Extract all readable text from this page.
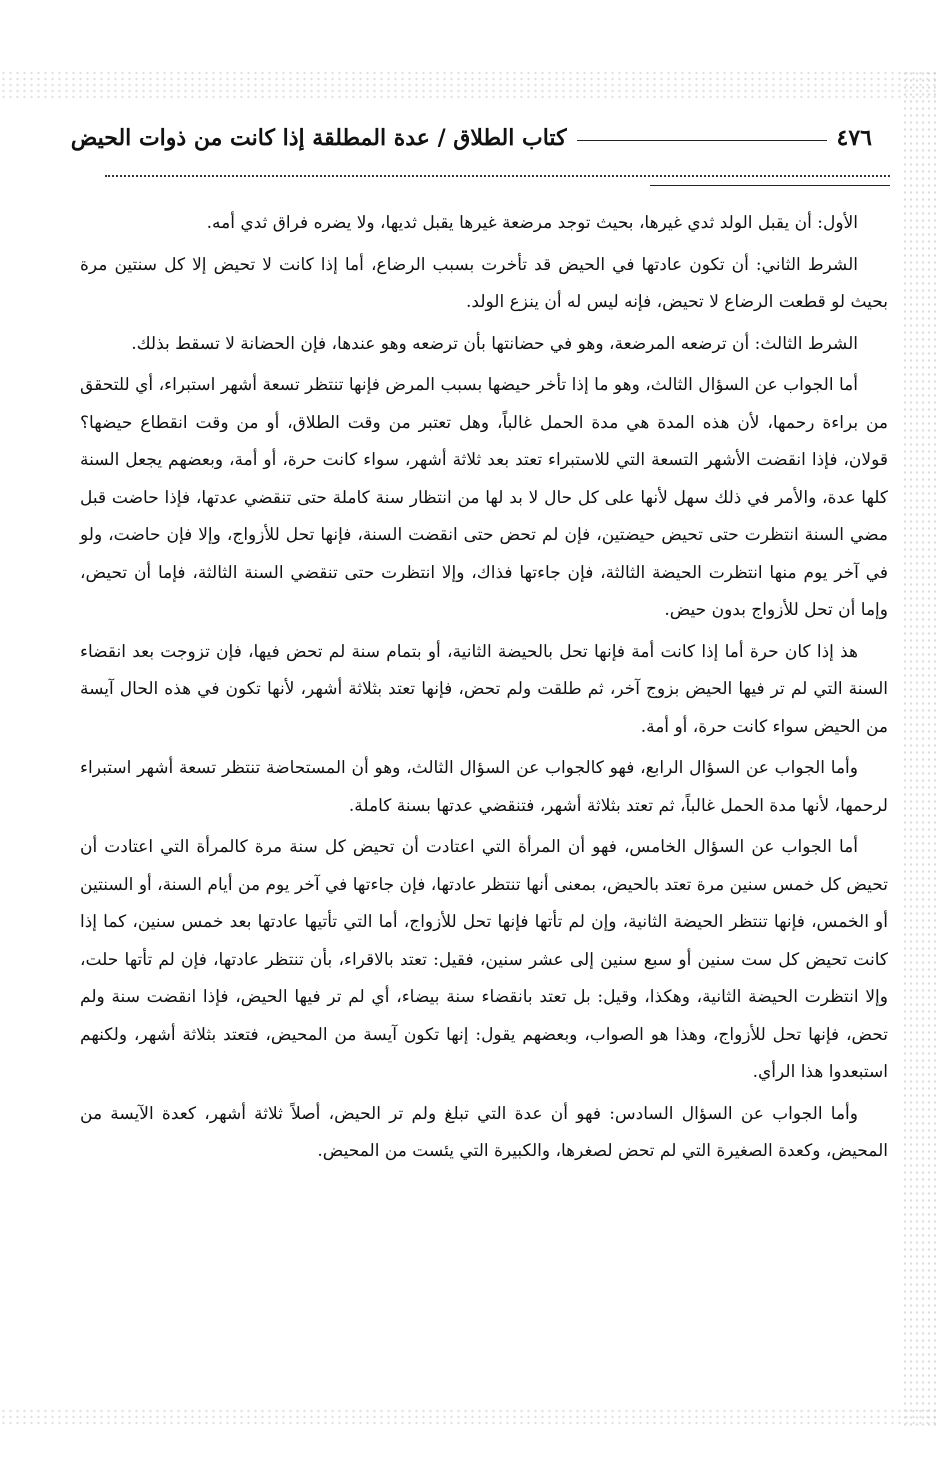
٤٧٦
كتاب الطلاق / عدة المطلقة إذا كانت من ذوات الحيض

الأول: أن يقبل الولد ثدي غيرها، بحيث توجد مرضعة غيرها يقبل ثديها، ولا يضره فراق ثدي أمه.

الشرط الثاني: أن تكون عادتها في الحيض قد تأخرت بسبب الرضاع، أما إذا كانت لا تحيض إلا كل سنتين مرة بحيث لو قطعت الرضاع لا تحيض، فإنه ليس له أن ينزع الولد.

الشرط الثالث: أن ترضعه المرضعة، وهو في حضانتها بأن ترضعه وهو عندها، فإن الحضانة لا تسقط بذلك.

أما الجواب عن السؤال الثالث، وهو ما إذا تأخر حيضها بسبب المرض فإنها تنتظر تسعة أشهر استبراء، أي للتحقق من براءة رحمها، لأن هذه المدة هي مدة الحمل غالباً، وهل تعتبر من وقت الطلاق، أو من وقت انقطاع حيضها؟ قولان، فإذا انقضت الأشهر التسعة التي للاستبراء تعتد بعد ثلاثة أشهر، سواء كانت حرة، أو أمة، وبعضهم يجعل السنة كلها عدة، والأمر في ذلك سهل لأنها على كل حال لا بد لها من انتظار سنة كاملة حتى تنقضي عدتها، فإذا حاضت قبل مضي السنة انتظرت حتى تحيض حيضتين، فإن لم تحض حتى انقضت السنة، فإنها تحل للأزواج، وإلا فإن حاضت، ولو في آخر يوم منها انتظرت الحيضة الثالثة، فإن جاءتها فذاك، وإلا انتظرت حتى تنقضي السنة الثالثة، فإما أن تحيض، وإما أن تحل للأزواج بدون حيض.

هذ إذا كان حرة أما إذا كانت أمة فإنها تحل بالحيضة الثانية، أو بتمام سنة لم تحض فيها، فإن تزوجت بعد انقضاء السنة التي لم تر فيها الحيض بزوج آخر، ثم طلقت ولم تحض، فإنها تعتد بثلاثة أشهر، لأنها تكون في هذه الحال آيسة من الحيض سواء كانت حرة، أو أمة.

وأما الجواب عن السؤال الرابع، فهو كالجواب عن السؤال الثالث، وهو أن المستحاضة تنتظر تسعة أشهر استبراء لرحمها، لأنها مدة الحمل غالباً، ثم تعتد بثلاثة أشهر، فتنقضي عدتها بسنة كاملة.

أما الجواب عن السؤال الخامس، فهو أن المرأة التي اعتادت أن تحيض كل سنة مرة كالمرأة التي اعتادت أن تحيض كل خمس سنين مرة تعتد بالحيض، بمعنى أنها تنتظر عادتها، فإن جاءتها في آخر يوم من أيام السنة، أو السنتين أو الخمس، فإنها تنتظر الحيضة الثانية، وإن لم تأتها فإنها تحل للأزواج، أما التي تأتيها عادتها بعد خمس سنين، كما إذا كانت تحيض كل ست سنين أو سبع سنين إلى عشر سنين، فقيل: تعتد بالاقراء، بأن تنتظر عادتها، فإن لم تأتها حلت، وإلا انتظرت الحيضة الثانية، وهكذا، وقيل: بل تعتد بانقضاء سنة بيضاء، أي لم تر فيها الحيض، فإذا انقضت سنة ولم تحض، فإنها تحل للأزواج، وهذا هو الصواب، وبعضهم يقول: إنها تكون آيسة من المحيض، فتعتد بثلاثة أشهر، ولكنهم استبعدوا هذا الرأي.

وأما الجواب عن السؤال السادس: فهو أن عدة التي تبلغ ولم تر الحيض، أصلاً ثلاثة أشهر، كعدة الآيسة من المحيض، وكعدة الصغيرة التي لم تحض لصغرها، والكبيرة التي يئست من المحيض.
